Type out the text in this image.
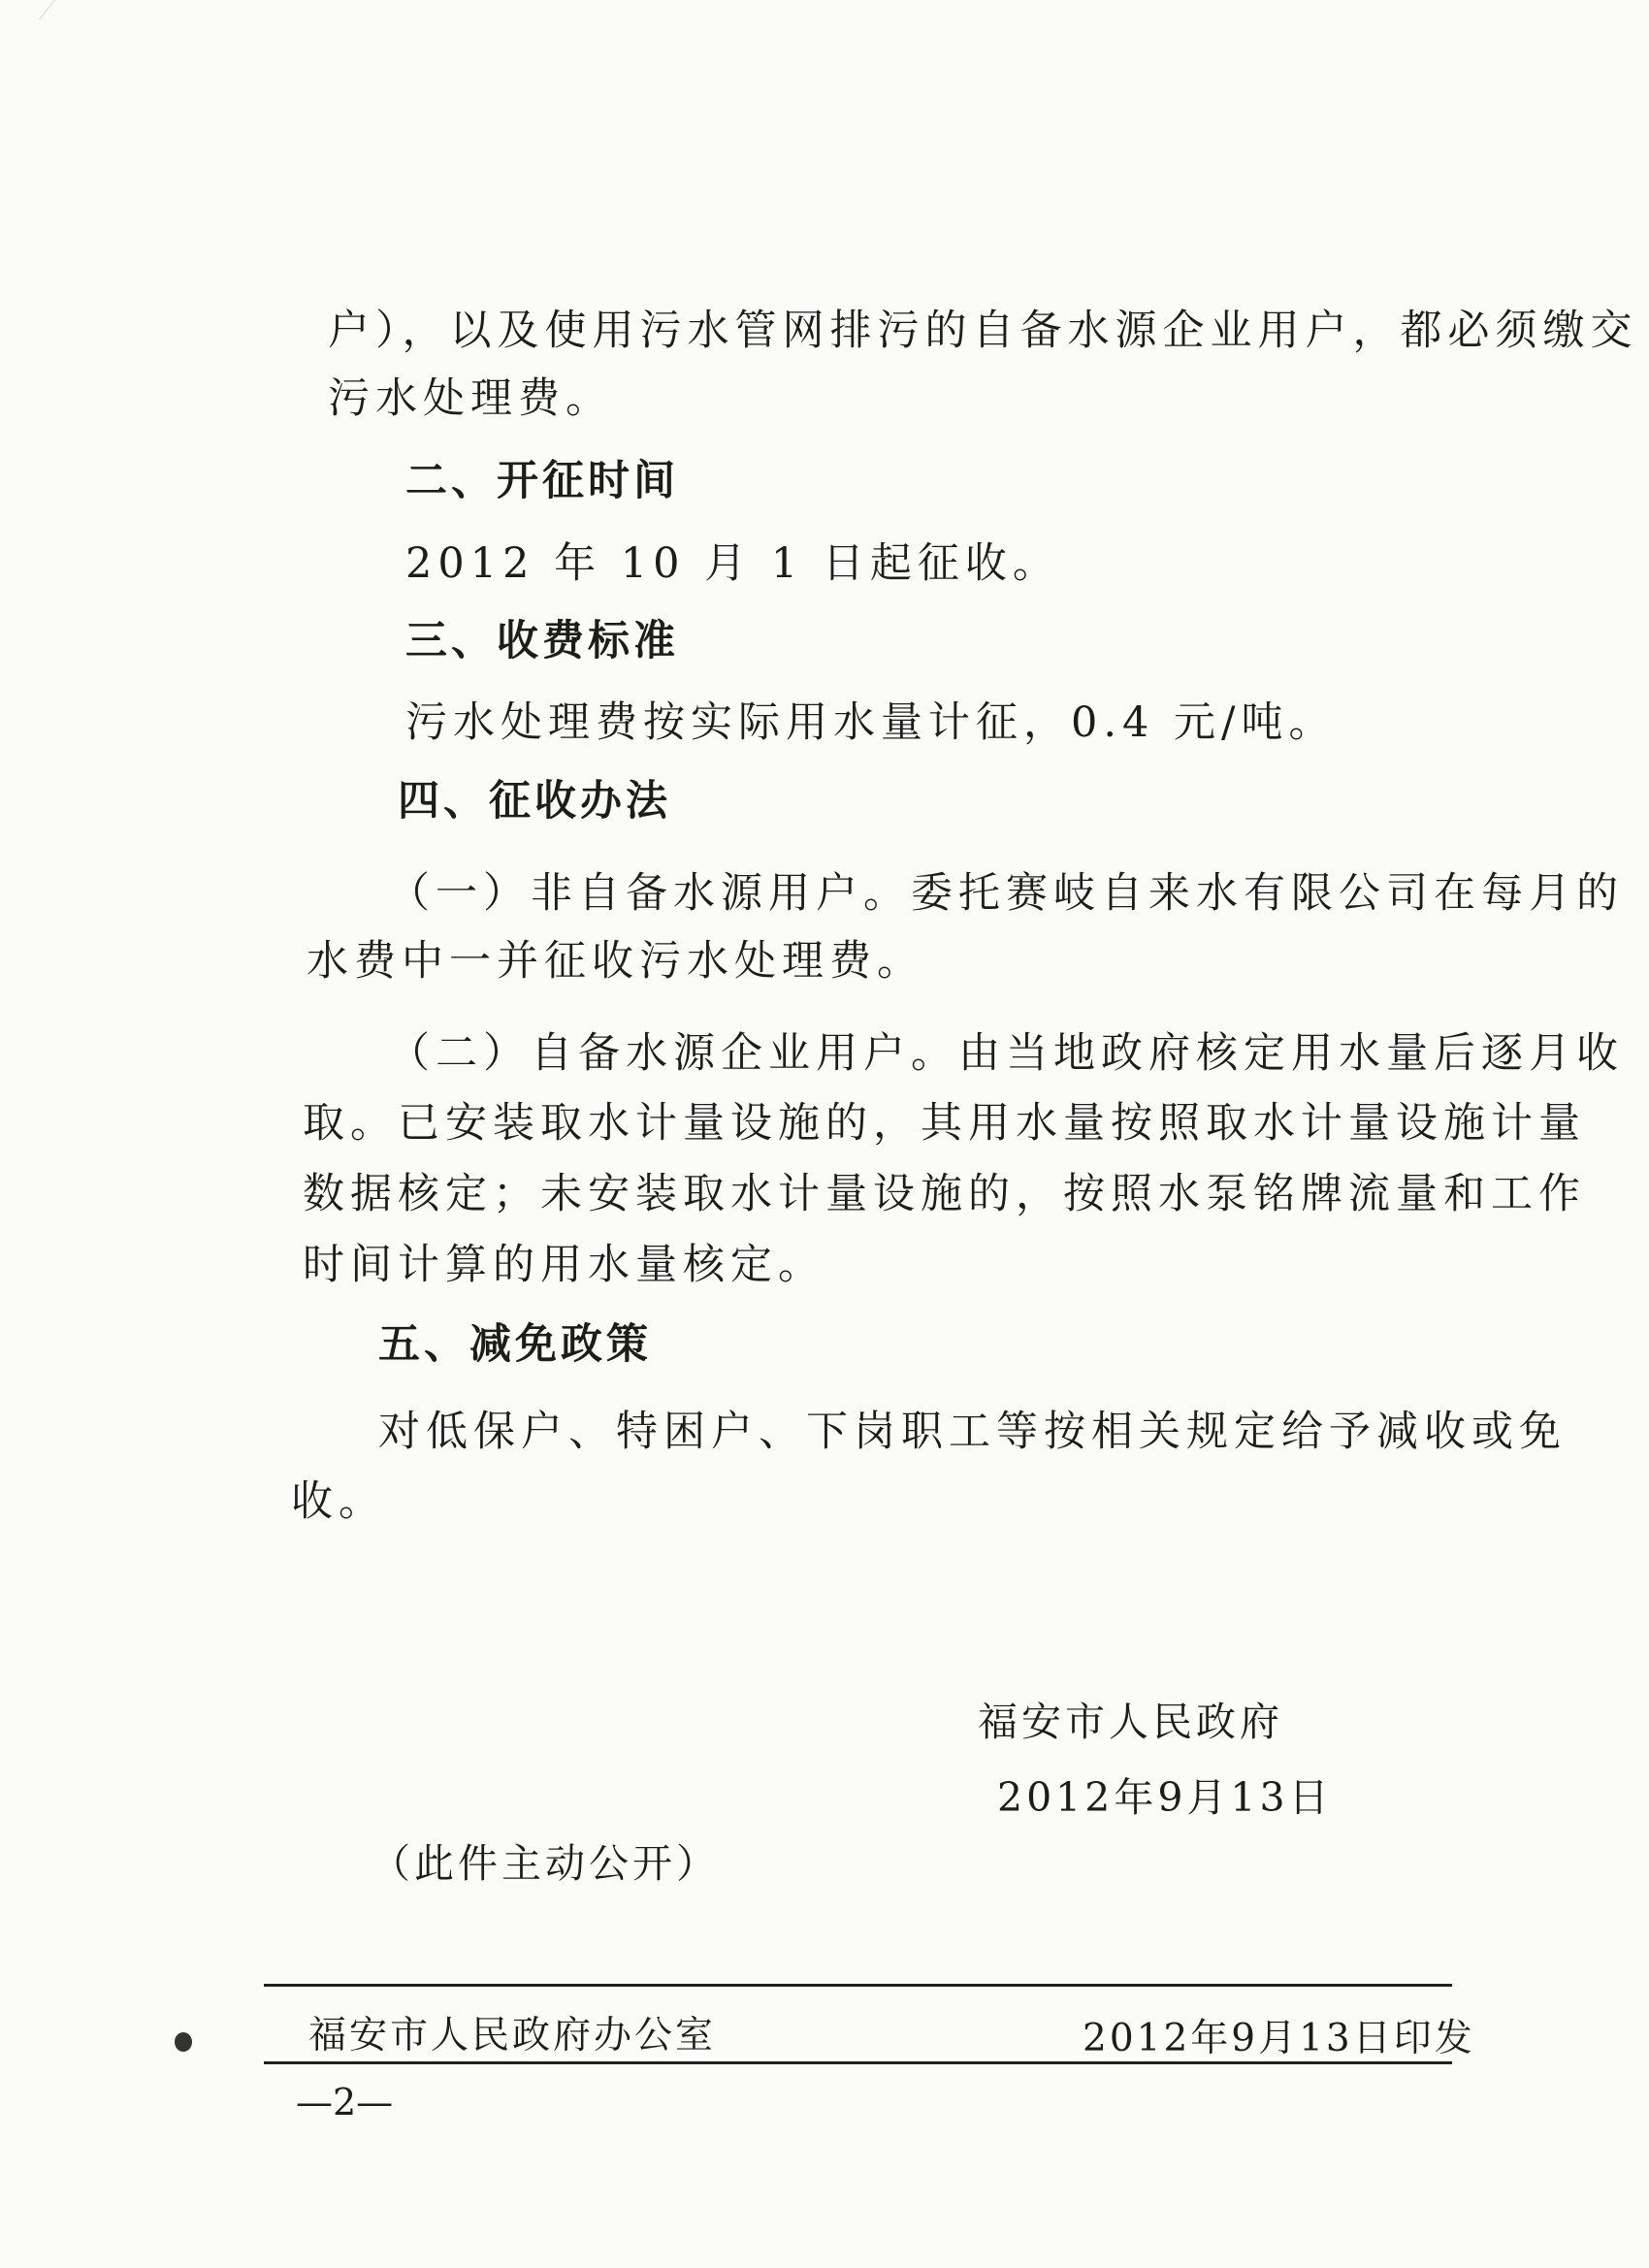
户），以及使用污水管网排污的自备水源企业用户，都必须缴交
污水处理费。
二、开征时间
2012 年 10 月 1 日起征收。
三、收费标准
污水处理费按实际用水量计征，0.4 元/吨。
四、征收办法
（一）非自备水源用户。委托赛岐自来水有限公司在每月的
水费中一并征收污水处理费。
（二）自备水源企业用户。由当地政府核定用水量后逐月收
取。已安装取水计量设施的，其用水量按照取水计量设施计量
数据核定；未安装取水计量设施的，按照水泵铭牌流量和工作
时间计算的用水量核定。
五、减免政策
对低保户、特困户、下岗职工等按相关规定给予减收或免
收。
福安市人民政府
2012年9月13日
（此件主动公开）
福安市人民政府办公室	2012年9月13日印发
—2—
